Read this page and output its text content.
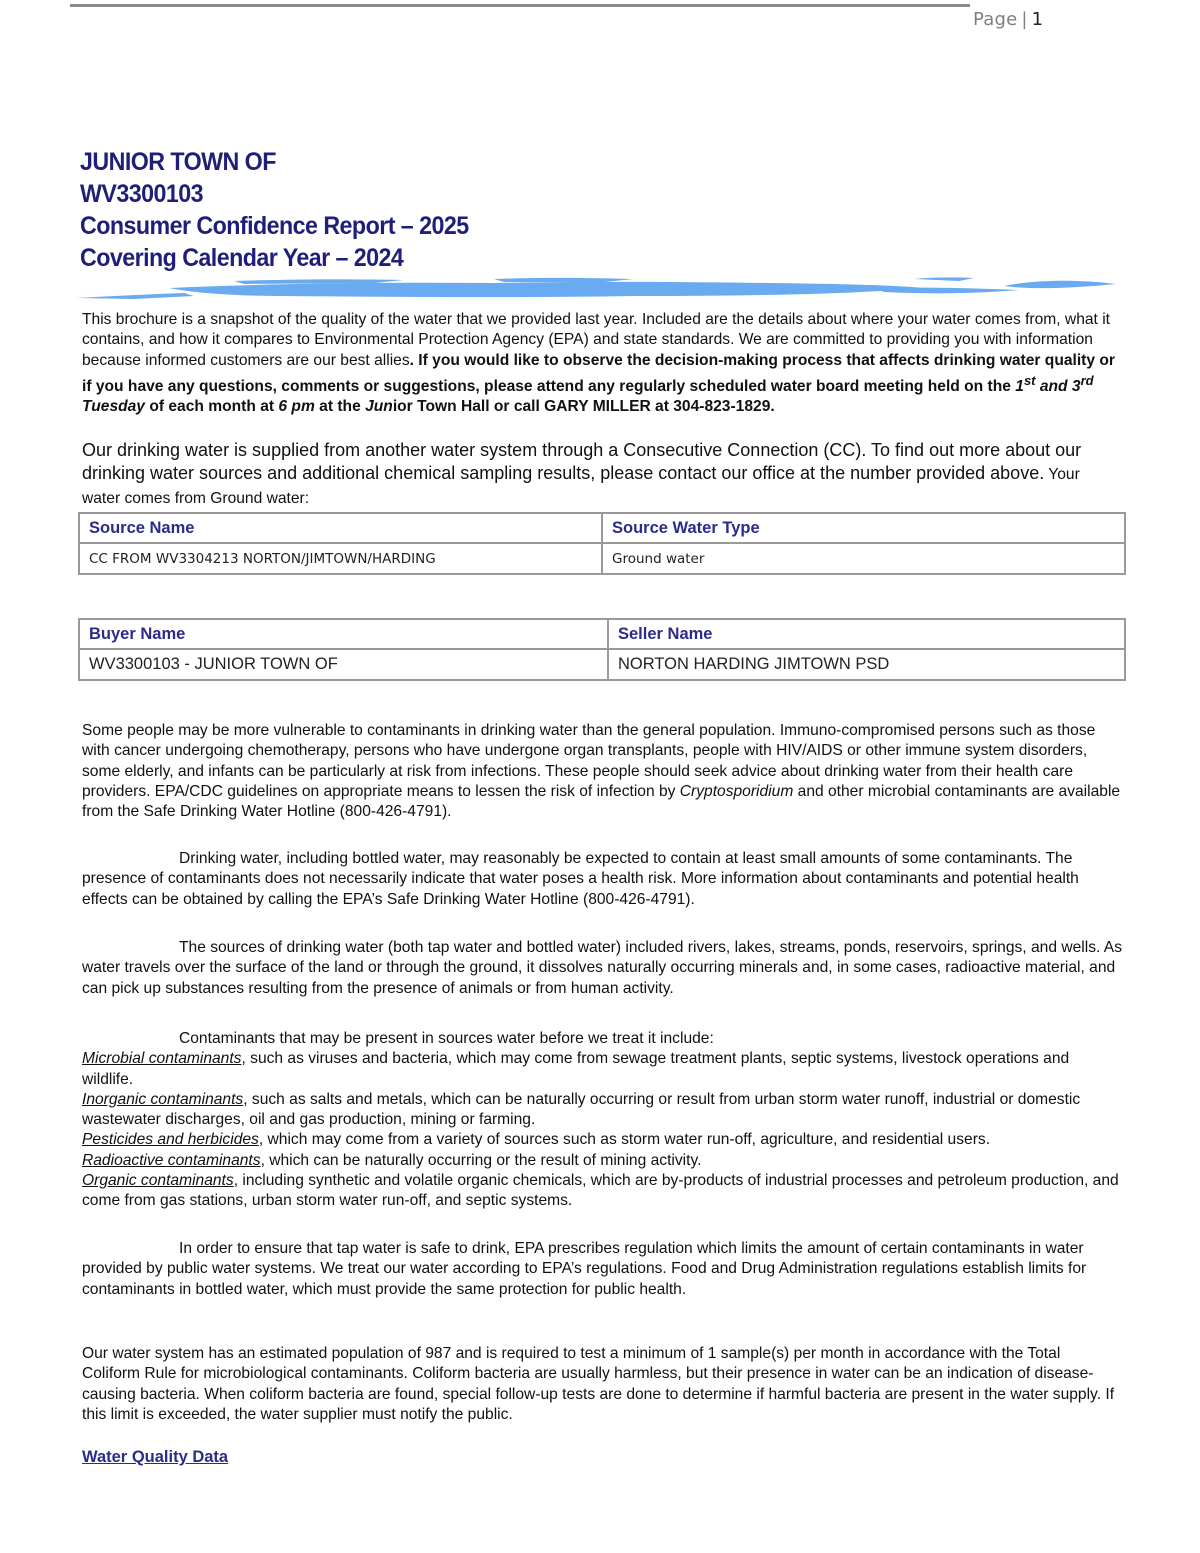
Page | 1
JUNIOR TOWN OF
WV3300103
Consumer Confidence Report – 2025
Covering Calendar Year – 2024
This brochure is a snapshot of the quality of the water that we provided last year. Included are the details about where your water comes from, what it contains, and how it compares to Environmental Protection Agency (EPA) and state standards. We are committed to providing you with information because informed customers are our best allies. If you would like to observe the decision-making process that affects drinking water quality or if you have any questions, comments or suggestions, please attend any regularly scheduled water board meeting held on the 1st and 3rd Tuesday of each month at 6 pm at the Junior Town Hall or call GARY MILLER at 304-823-1829.
Our drinking water is supplied from another water system through a Consecutive Connection (CC). To find out more about our drinking water sources and additional chemical sampling results, please contact our office at the number provided above. Your water comes from Ground water:
Source Name	Source Water Type
CC FROM WV3304213 NORTON/JIMTOWN/HARDING	Ground water
Buyer Name	Seller Name
WV3300103 - JUNIOR TOWN OF	NORTON HARDING JIMTOWN PSD
Some people may be more vulnerable to contaminants in drinking water than the general population. Immuno-compromised persons such as those with cancer undergoing chemotherapy, persons who have undergone organ transplants, people with HIV/AIDS or other immune system disorders, some elderly, and infants can be particularly at risk from infections. These people should seek advice about drinking water from their health care providers. EPA/CDC guidelines on appropriate means to lessen the risk of infection by Cryptosporidium and other microbial contaminants are available from the Safe Drinking Water Hotline (800-426-4791).
Drinking water, including bottled water, may reasonably be expected to contain at least small amounts of some contaminants. The presence of contaminants does not necessarily indicate that water poses a health risk. More information about contaminants and potential health effects can be obtained by calling the EPA’s Safe Drinking Water Hotline (800-426-4791).
The sources of drinking water (both tap water and bottled water) included rivers, lakes, streams, ponds, reservoirs, springs, and wells. As water travels over the surface of the land or through the ground, it dissolves naturally occurring minerals and, in some cases, radioactive material, and can pick up substances resulting from the presence of animals or from human activity.
Contaminants that may be present in sources water before we treat it include:
Microbial contaminants, such as viruses and bacteria, which may come from sewage treatment plants, septic systems, livestock operations and wildlife.
Inorganic contaminants, such as salts and metals, which can be naturally occurring or result from urban storm water runoff, industrial or domestic wastewater discharges, oil and gas production, mining or farming.
Pesticides and herbicides, which may come from a variety of sources such as storm water run-off, agriculture, and residential users.
Radioactive contaminants, which can be naturally occurring or the result of mining activity.
Organic contaminants, including synthetic and volatile organic chemicals, which are by-products of industrial processes and petroleum production, and come from gas stations, urban storm water run-off, and septic systems.
In order to ensure that tap water is safe to drink, EPA prescribes regulation which limits the amount of certain contaminants in water provided by public water systems. We treat our water according to EPA’s regulations. Food and Drug Administration regulations establish limits for contaminants in bottled water, which must provide the same protection for public health.
Our water system has an estimated population of 987 and is required to test a minimum of 1 sample(s) per month in accordance with the Total Coliform Rule for microbiological contaminants. Coliform bacteria are usually harmless, but their presence in water can be an indication of disease-causing bacteria. When coliform bacteria are found, special follow-up tests are done to determine if harmful bacteria are present in the water supply. If this limit is exceeded, the water supplier must notify the public.
Water Quality Data
